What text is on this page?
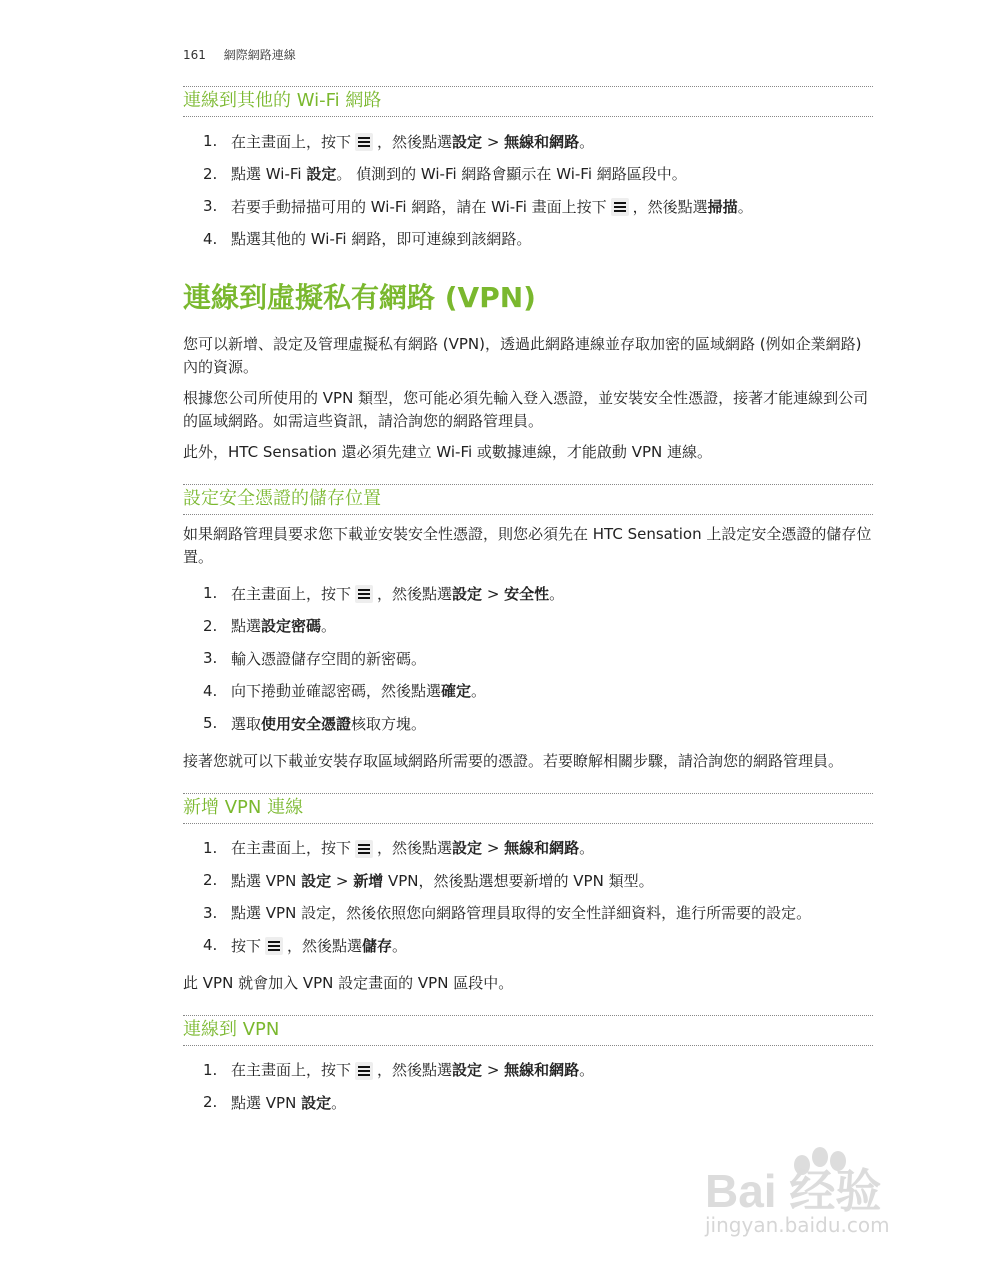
161 網際網路連線
連線到其他的 Wi-Fi 網路
1. 在主畫面上，按下 ，然後點選設定 > 無線和網路。
2. 點選 Wi-Fi 設定。 偵測到的 Wi-Fi 網路會顯示在 Wi-Fi 網路區段中。
3. 若要手動掃描可用的 Wi-Fi 網路，請在 Wi-Fi 畫面上按下 ，然後點選掃描。
4. 點選其他的 Wi-Fi 網路，即可連線到該網路。
連線到虛擬私有網路 (VPN)

您可以新增、設定及管理虛擬私有網路 (VPN)，透過此網路連線並存取加密的區域網路 (例如企業網路) 內的資源。

根據您公司所使用的 VPN 類型，您可能必須先輸入登入憑證，並安裝安全性憑證，接著才能連線到公司的區域網路。如需這些資訊，請洽詢您的網路管理員。

此外，HTC Sensation 還必須先建立 Wi-Fi 或數據連線，才能啟動 VPN 連線。

設定安全憑證的儲存位置

如果網路管理員要求您下載並安裝安全性憑證，則您必須先在 HTC Sensation 上設定安全憑證的儲存位置。

1. 在主畫面上，按下 ，然後點選設定 > 安全性。
2. 點選設定密碼。
3. 輸入憑證儲存空間的新密碼。
4. 向下捲動並確認密碼，然後點選確定。
5. 選取使用安全憑證核取方塊。

接著您就可以下載並安裝存取區域網路所需要的憑證。若要瞭解相關步驟，請洽詢您的網路管理員。

新增 VPN 連線
1. 在主畫面上，按下 ，然後點選設定 > 無線和網路。
2. 點選 VPN 設定 > 新增 VPN，然後點選想要新增的 VPN 類型。
3. 點選 VPN 設定，然後依照您向網路管理員取得的安全性詳細資料，進行所需要的設定。
4. 按下 ，然後點選儲存。

此 VPN 就會加入 VPN 設定畫面的 VPN 區段中。

連線到 VPN
1. 在主畫面上，按下 ，然後點選設定 > 無線和網路。
2. 點選 VPN 設定。
Bai 经验
jingyan.baidu.com
